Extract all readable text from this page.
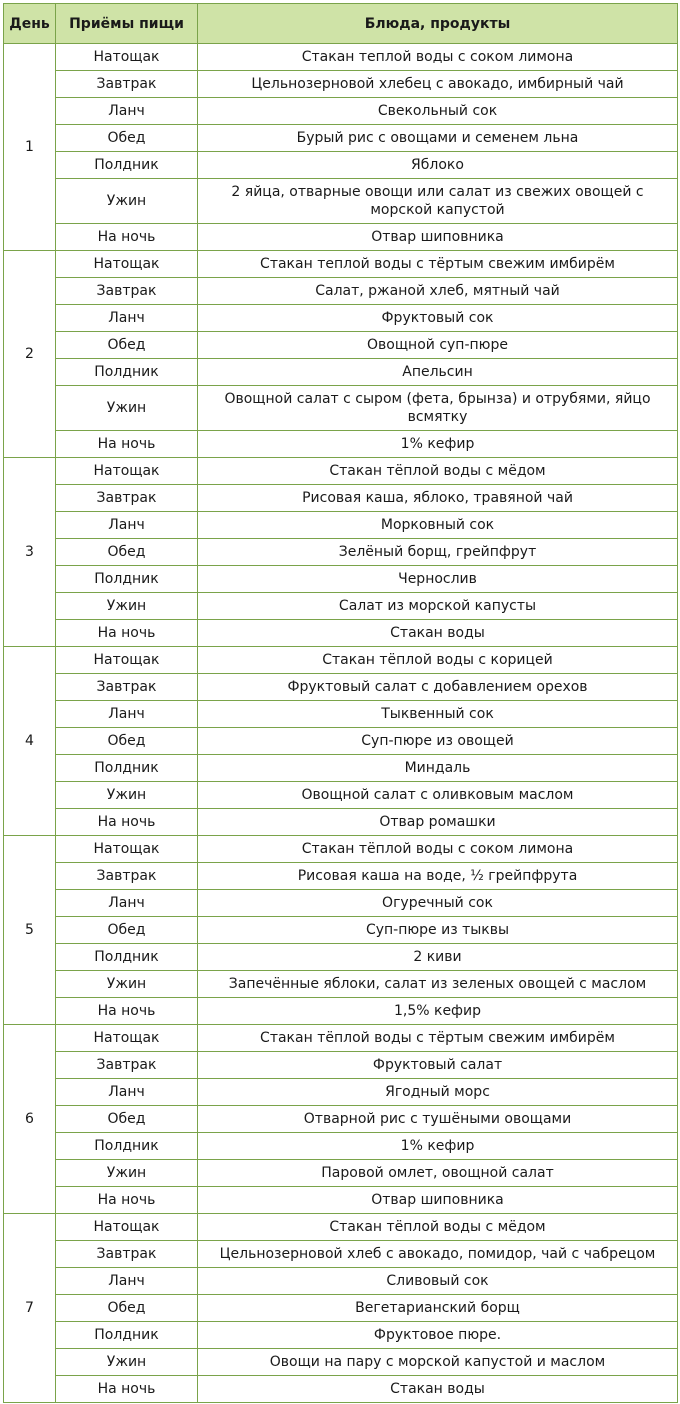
День	Приёмы пищи	Блюда, продукты
1	Натощак	Стакан теплой воды с соком лимона
	Завтрак	Цельнозерновой хлебец с авокадо, имбирный чай
	Ланч	Свекольный сок
	Обед	Бурый рис с овощами и семенем льна
	Полдник	Яблоко
	Ужин	2 яйца, отварные овощи или салат из свежих овощей с морской капустой
	На ночь	Отвар шиповника
2	Натощак	Стакан теплой воды с тёртым свежим имбирём
	Завтрак	Салат, ржаной хлеб, мятный чай
	Ланч	Фруктовый сок
	Обед	Овощной суп-пюре
	Полдник	Апельсин
	Ужин	Овощной салат с сыром (фета, брынза) и отрубями, яйцо всмятку
	На ночь	1% кефир
3	Натощак	Стакан тёплой воды с мёдом
	Завтрак	Рисовая каша, яблоко, травяной чай
	Ланч	Морковный сок
	Обед	Зелёный борщ, грейпфрут
	Полдник	Чернослив
	Ужин	Салат из морской капусты
	На ночь	Стакан воды
4	Натощак	Стакан тёплой воды с корицей
	Завтрак	Фруктовый салат с добавлением орехов
	Ланч	Тыквенный сок
	Обед	Суп-пюре из овощей
	Полдник	Миндаль
	Ужин	Овощной салат с оливковым маслом
	На ночь	Отвар ромашки
5	Натощак	Стакан тёплой воды с соком лимона
	Завтрак	Рисовая каша на воде, ½ грейпфрута
	Ланч	Огуречный сок
	Обед	Суп-пюре из тыквы
	Полдник	2 киви
	Ужин	Запечённые яблоки, салат из зеленых овощей с маслом
	На ночь	1,5% кефир
6	Натощак	Стакан тёплой воды с тёртым свежим имбирём
	Завтрак	Фруктовый салат
	Ланч	Ягодный морс
	Обед	Отварной рис с тушёными овощами
	Полдник	1% кефир
	Ужин	Паровой омлет, овощной салат
	На ночь	Отвар шиповника
7	Натощак	Стакан тёплой воды с мёдом
	Завтрак	Цельнозерновой хлеб с авокадо, помидор, чай с чабрецом
	Ланч	Сливовый сок
	Обед	Вегетарианский борщ
	Полдник	Фруктовое пюре.
	Ужин	Овощи на пару с морской капустой и маслом
	На ночь	Стакан воды
